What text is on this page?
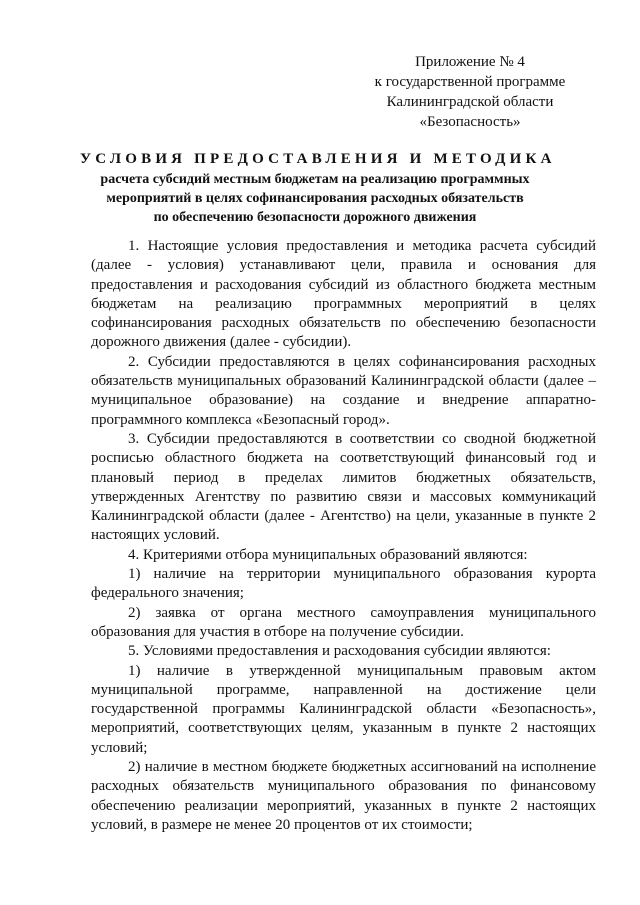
Приложение № 4
к государственной программе
Калининградской области
«Безопасность»
УСЛОВИЯ ПРЕДОСТАВЛЕНИЯ И МЕТОДИКА
расчета субсидий местным бюджетам на реализацию программных
мероприятий в целях софинансирования расходных обязательств
по обеспечению безопасности дорожного движения

1. Настоящие условия предоставления и методика расчета субсидий (далее - условия) устанавливают цели, правила и основания для предоставления и расходования субсидий из областного бюджета местным бюджетам на реализацию программных мероприятий в целях софинансирования расходных обязательств по обеспечению безопасности дорожного движения (далее - субсидии).

2. Субсидии предоставляются в целях софинансирования расходных обязательств муниципальных образований Калининградской области (далее – муниципальное образование) на создание и внедрение аппаратно-программного комплекса «Безопасный город».

3. Субсидии предоставляются в соответствии со сводной бюджетной росписью областного бюджета на соответствующий финансовый год и плановый период в пределах лимитов бюджетных обязательств, утвержденных Агентству по развитию связи и массовых коммуникаций Калининградской области (далее - Агентство) на цели, указанные в пункте 2 настоящих условий.

4. Критериями отбора муниципальных образований являются:

1) наличие на территории муниципального образования курорта федерального значения;

2) заявка от органа местного самоуправления муниципального образования для участия в отборе на получение субсидии.

5. Условиями предоставления и расходования субсидии являются:

1) наличие в утвержденной муниципальным правовым актом муниципальной программе, направленной на достижение цели государственной программы Калининградской области «Безопасность», мероприятий, соответствующих целям, указанным в пункте 2 настоящих условий;

2) наличие в местном бюджете бюджетных ассигнований на исполнение расходных обязательств муниципального образования по финансовому обеспечению реализации мероприятий, указанных в пункте 2 настоящих условий, в размере не менее 20 процентов от их стоимости;
